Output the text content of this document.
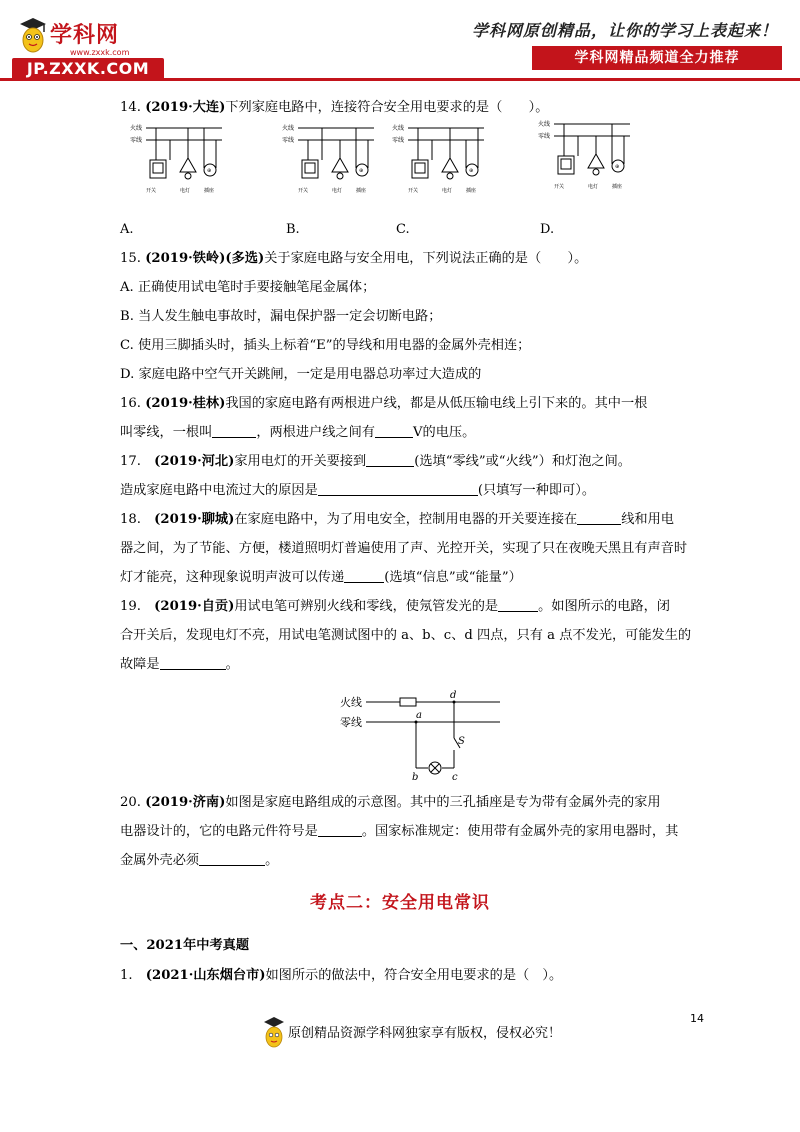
学科网
www.zxxk.com
JP.ZXXK.COM
学科网原创精品，让你的学习上表起来！
学科网精品频道全力推荐
火线
零线
⊕
开关	电灯	插座
火线
零线
⊕
开关	电灯	插座
火线
零线
⊕
开关	电灯	插座
火线
零线
⊕
开关	电灯	插座
14. (2019·大连)下列家庭电路中，连接符合安全用电要求的是（　　）。
A.	B.	C.	D.
15. (2019·铁岭)(多选)关于家庭电路与安全用电，下列说法正确的是（　　）。
A. 正确使用试电笔时手要接触笔尾金属体；
B. 当人发生触电事故时，漏电保护器一定会切断电路；
C. 使用三脚插头时，插头上标着“E”的导线和用电器的金属外壳相连；
D. 家庭电路中空气开关跳闸，一定是用电器总功率过大造成的
16. (2019·桂林)我国的家庭电路有两根进户线，都是从低压输电线上引下来的。其中一根
叫零线，一根叫	，两根进户线之间有	V的电压。
17.　 (2019·河北)家用电灯的开关要接到	(选填“零线”或“火线”）和灯泡之间。
造成家庭电路中电流过大的原因是	(只填写一种即可）。
18.　 (2019·聊城)在家庭电路中，为了用电安全，控制用电器的开关要连接在	线和用电
器之间，为了节能、方便，楼道照明灯普遍使用了声、光控开关，实现了只在夜晚天黑且有声音时
灯才能亮，这种现象说明声波可以传递	(选填“信息”或“能量”）
19.　 (2019·自贡)用试电笔可辨别火线和零线，使氖管发光的是	。如图所示的电路，闭
合开关后，发现电灯不亮，用试电笔测试图中的 a、b、c、d 四点，只有 a 点不发光，可能发生的
故障是	。
火线
零线
d
S
a
b	c
20. (2019·济南)如图是家庭电路组成的示意图。其中的三孔插座是专为带有金属外壳的家用
电器设计的，它的电路元件符号是	。国家标准规定：使用带有金属外壳的家用电器时，其
金属外壳必须	。
考点二：安全用电常识
一、2021年中考真题
1.　 (2021·山东烟台市)如图所示的做法中，符合安全用电要求的是（　）。
原创精品资源学科网独家享有版权，侵权必究！
14
